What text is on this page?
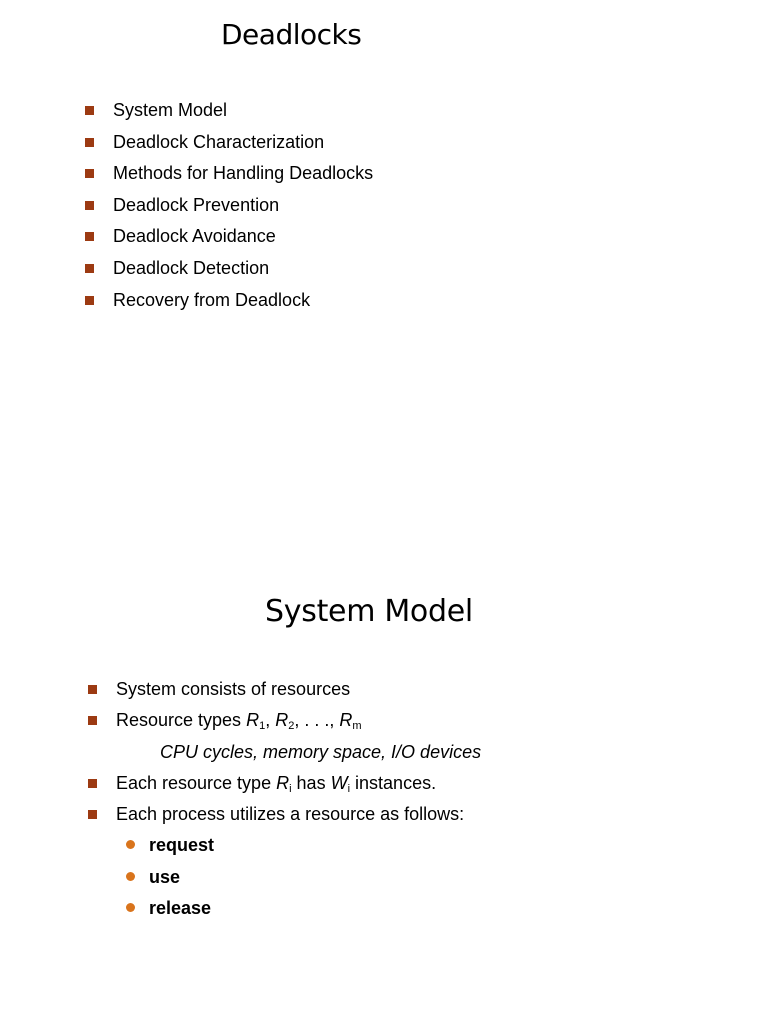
Deadlocks
System Model
Deadlock Characterization
Methods for Handling Deadlocks
Deadlock Prevention
Deadlock Avoidance
Deadlock Detection
Recovery from Deadlock
System Model
System consists of resources
Resource types $R_1$, $R_2$, . . ., $R_m$
CPU cycles, memory space, I/O devices
Each resource type $R_i$ has $W_i$ instances.
Each process utilizes a resource as follows:
request
use
release
